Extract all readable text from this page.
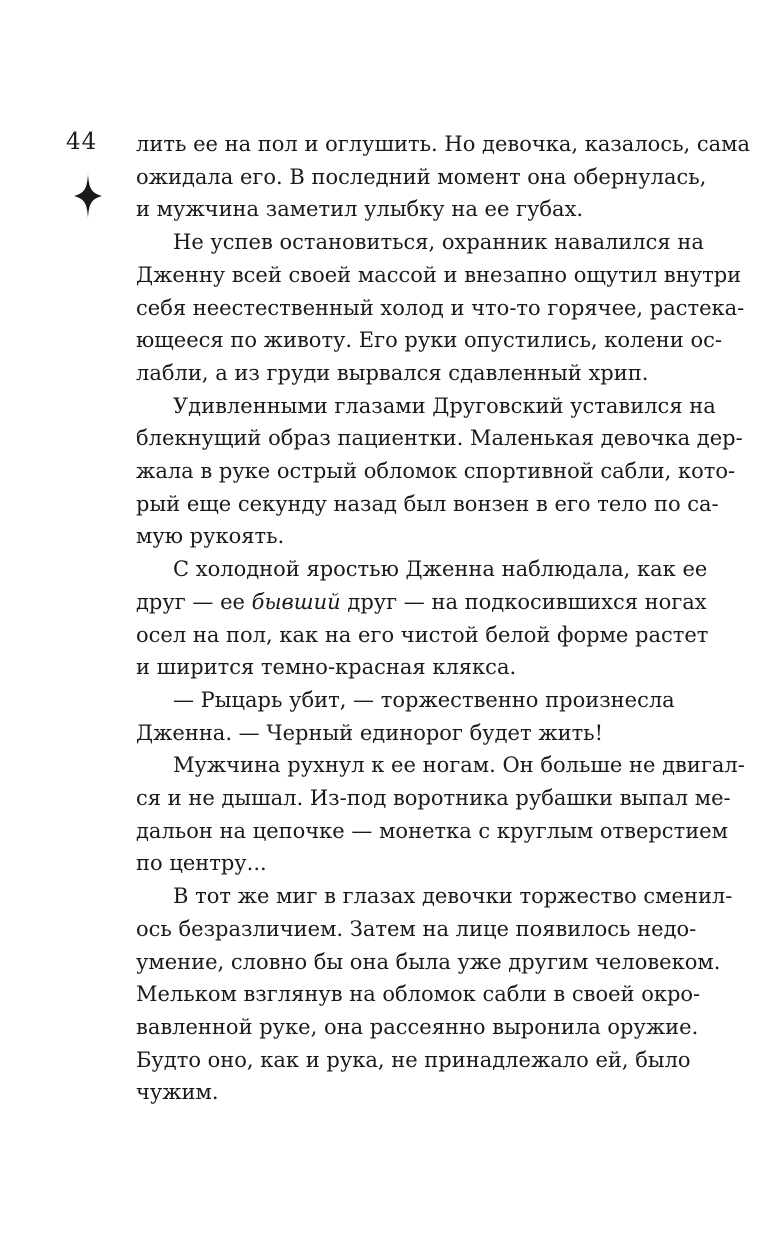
44 лить ее на пол и оглушить. Но девочка, казалось, сама
ожидала его. В последний момент она обернулась,
и мужчина заметил улыбку на ее губах.
Не успев остановиться, охранник навалился на
Дженну всей своей массой и внезапно ощутил внутри
себя неестественный холод и что-то горячее, растека-
ющееся по животу. Его руки опустились, колени ос-
лабли, а из груди вырвался сдавленный хрип.
Удивленными глазами Друговский уставился на
блекнущий образ пациентки. Маленькая девочка дер-
жала в руке острый обломок спортивной сабли, кото-
рый еще секунду назад был вонзен в его тело по са-
мую рукоять.
С холодной яростью Дженна наблюдала, как ее
друг — ее бывший друг — на подкосившихся ногах
осел на пол, как на его чистой белой форме растет
и ширится темно-красная клякса.
— Рыцарь убит, — торжественно произнесла
Дженна. — Черный единорог будет жить!
Мужчина рухнул к ее ногам. Он больше не двигал-
ся и не дышал. Из-под воротника рубашки выпал ме-
дальон на цепочке — монетка с круглым отверстием
по центру...
В тот же миг в глазах девочки торжество сменил-
ось безразличием. Затем на лице появилось недо-
умение, словно бы она была уже другим человеком.
Мельком взглянув на обломок сабли в своей окро-
вавленной руке, она рассеянно выронила оружие.
Будто оно, как и рука, не принадлежало ей, было
чужим.
